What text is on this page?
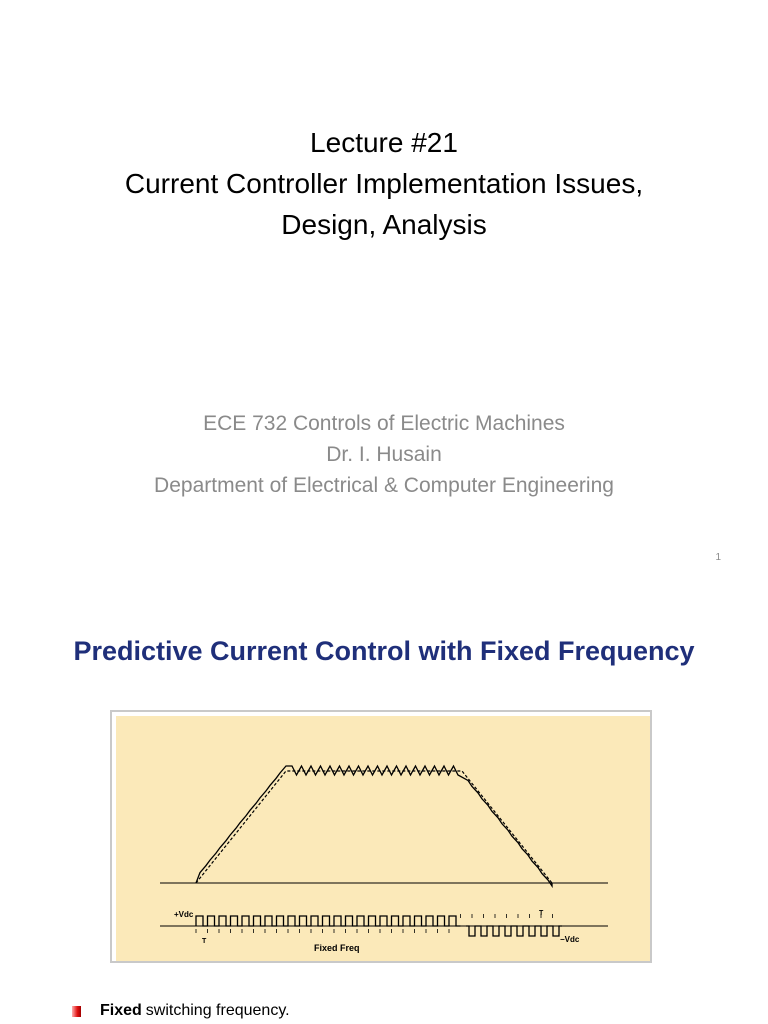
Lecture #21
Current Controller Implementation Issues,
Design, Analysis
ECE 732 Controls of Electric Machines
Dr. I. Husain
Department of Electrical & Computer Engineering
1
Predictive Current Control with Fixed Frequency
+Vdc
−Vdc
T
T
Fixed Freq
Fixed switching frequency.
